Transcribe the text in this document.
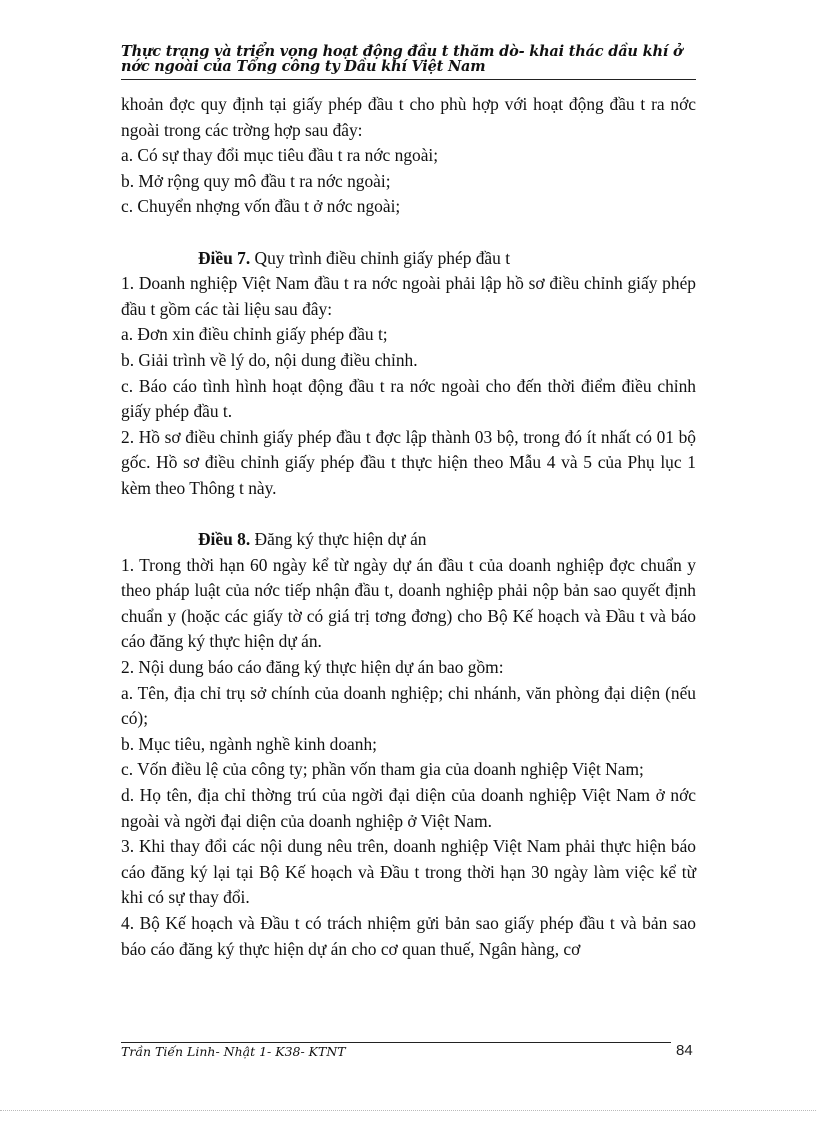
Thực trạng và triển vọng hoạt động đầu t thăm dò- khai thác dầu khí ở nớc ngoài của Tổng công ty Dầu khí Việt Nam

khoản đợc quy định tại giấy phép đầu t cho phù hợp với hoạt động đầu t ra nớc ngoài trong các trờng hợp sau đây:

a. Có sự thay đổi mục tiêu đầu t ra nớc ngoài;

b. Mở rộng quy mô đầu t ra nớc ngoài;

c. Chuyển nhợng vốn đầu t ở nớc ngoài;

Điều 7. Quy trình điều chỉnh giấy phép đầu t

1. Doanh nghiệp Việt Nam đầu t ra nớc ngoài phải lập hồ sơ điều chỉnh giấy phép đầu t gồm các tài liệu sau đây:

a. Đơn xin điều chỉnh giấy phép đầu t;

b. Giải trình về lý do, nội dung điều chỉnh.

c. Báo cáo tình hình hoạt động đầu t ra nớc ngoài cho đến thời điểm điều chỉnh giấy phép đầu t.

2. Hồ sơ điều chỉnh giấy phép đầu t đợc lập thành 03 bộ, trong đó ít nhất có 01 bộ gốc. Hồ sơ điều chỉnh giấy phép đầu t thực hiện theo Mẫu 4 và 5 của Phụ lục 1 kèm theo Thông t này.

Điều 8. Đăng ký thực hiện dự án

1. Trong thời hạn 60 ngày kể từ ngày dự án đầu t của doanh nghiệp đợc chuẩn y theo pháp luật của nớc tiếp nhận đầu t, doanh nghiệp phải nộp bản sao quyết định chuẩn y (hoặc các giấy tờ có giá trị tơng đơng) cho Bộ Kế hoạch và Đầu t và báo cáo đăng ký thực hiện dự án.

2. Nội dung báo cáo đăng ký thực hiện dự án bao gồm:

a. Tên, địa chỉ trụ sở chính của doanh nghiệp; chi nhánh, văn phòng đại diện (nếu có);

b. Mục tiêu, ngành nghề kinh doanh;

c. Vốn điều lệ của công ty; phần vốn tham gia của doanh nghiệp Việt Nam;

d. Họ tên, địa chỉ thờng trú của ngời đại diện của doanh nghiệp Việt Nam ở nớc ngoài và ngời đại diện của doanh nghiệp ở Việt Nam.

3. Khi thay đổi các nội dung nêu trên, doanh nghiệp Việt Nam phải thực hiện báo cáo đăng ký lại tại Bộ Kế hoạch và Đầu t trong thời hạn 30 ngày làm việc kể từ khi có sự thay đổi.

4. Bộ Kế hoạch và Đầu t có trách nhiệm gửi bản sao giấy phép đầu t và bản sao báo cáo đăng ký thực hiện dự án cho cơ quan thuế, Ngân hàng, cơ

Trần Tiến Linh- Nhật 1- K38- KTNT	84
